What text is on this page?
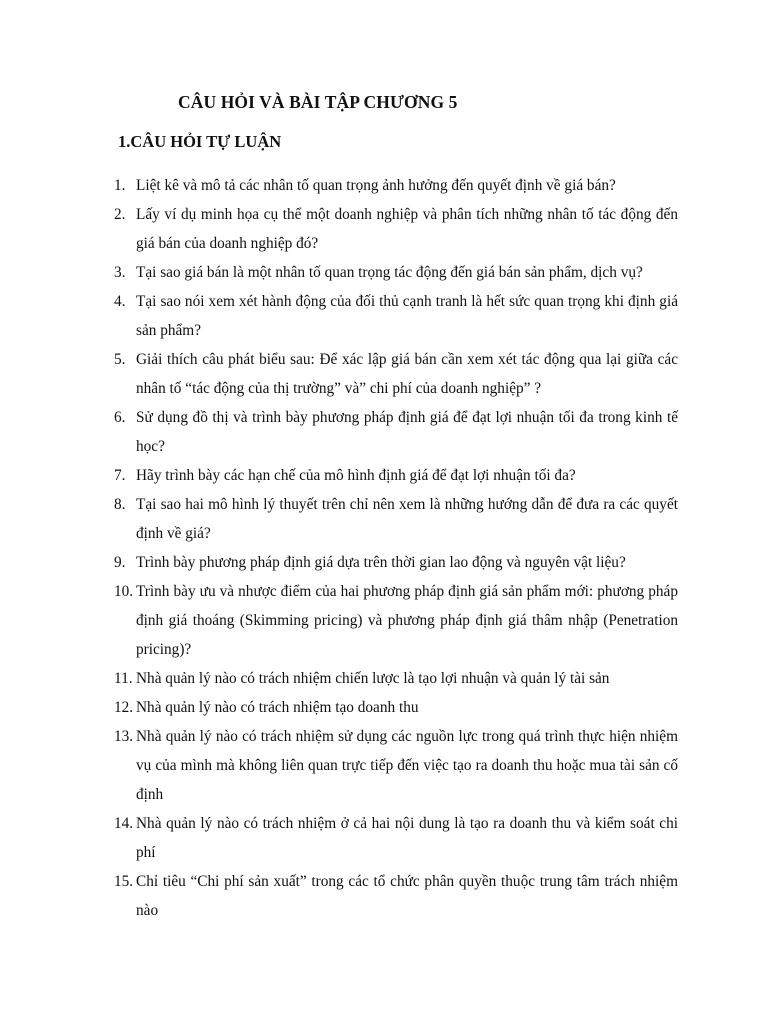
CÂU HỎI VÀ BÀI TẬP CHƯƠNG 5
1.CÂU HỎI TỰ LUẬN
1. Liệt kê và mô tả các nhân tố quan trọng ảnh hưởng đến quyết định về giá bán?
2. Lấy ví dụ minh họa cụ thể một doanh nghiệp và phân tích những nhân tố tác động đến giá bán của doanh nghiệp đó?
3. Tại sao giá bán là một nhân tố quan trọng tác động đến giá bán sản phẩm, dịch vụ?
4. Tại sao nói xem xét hành động của đối thủ cạnh tranh là hết sức quan trọng khi định giá sản phẩm?
5. Giải thích câu phát biểu sau: Để xác lập giá bán cần xem xét tác động qua lại giữa các nhân tố “tác động của thị trường” và” chi phí của doanh nghiệp” ?
6. Sử dụng đồ thị và trình bày phương pháp định giá để đạt lợi nhuận tối đa trong kinh tế học?
7. Hãy trình bày các hạn chế của mô hình định giá để đạt lợi nhuận tối đa?
8. Tại sao hai mô hình lý thuyết trên chỉ nên xem là những hướng dẫn để đưa ra các quyết định về giá?
9. Trình bày phương pháp định giá dựa trên thời gian lao động và nguyên vật liệu?
10. Trình bày ưu và nhược điểm của hai phương pháp định giá sản phẩm mới: phương pháp định giá thoáng (Skimming pricing) và phương pháp định giá thâm nhập (Penetration pricing)?
11. Nhà quản lý nào có trách nhiệm chiến lược là tạo lợi nhuận và quản lý tài sản
12. Nhà quản lý nào có trách nhiệm tạo doanh thu
13. Nhà quản lý nào có trách nhiệm sử dụng các nguồn lực trong quá trình thực hiện nhiệm vụ của mình mà không liên quan trực tiếp đến việc tạo ra doanh thu hoặc mua tài sản cố định
14. Nhà quản lý nào có trách nhiệm ở cả hai nội dung là tạo ra doanh thu và kiểm soát chi phí
15. Chỉ tiêu “Chi phí sản xuất” trong các tổ chức phân quyền thuộc trung tâm trách nhiệm nào
